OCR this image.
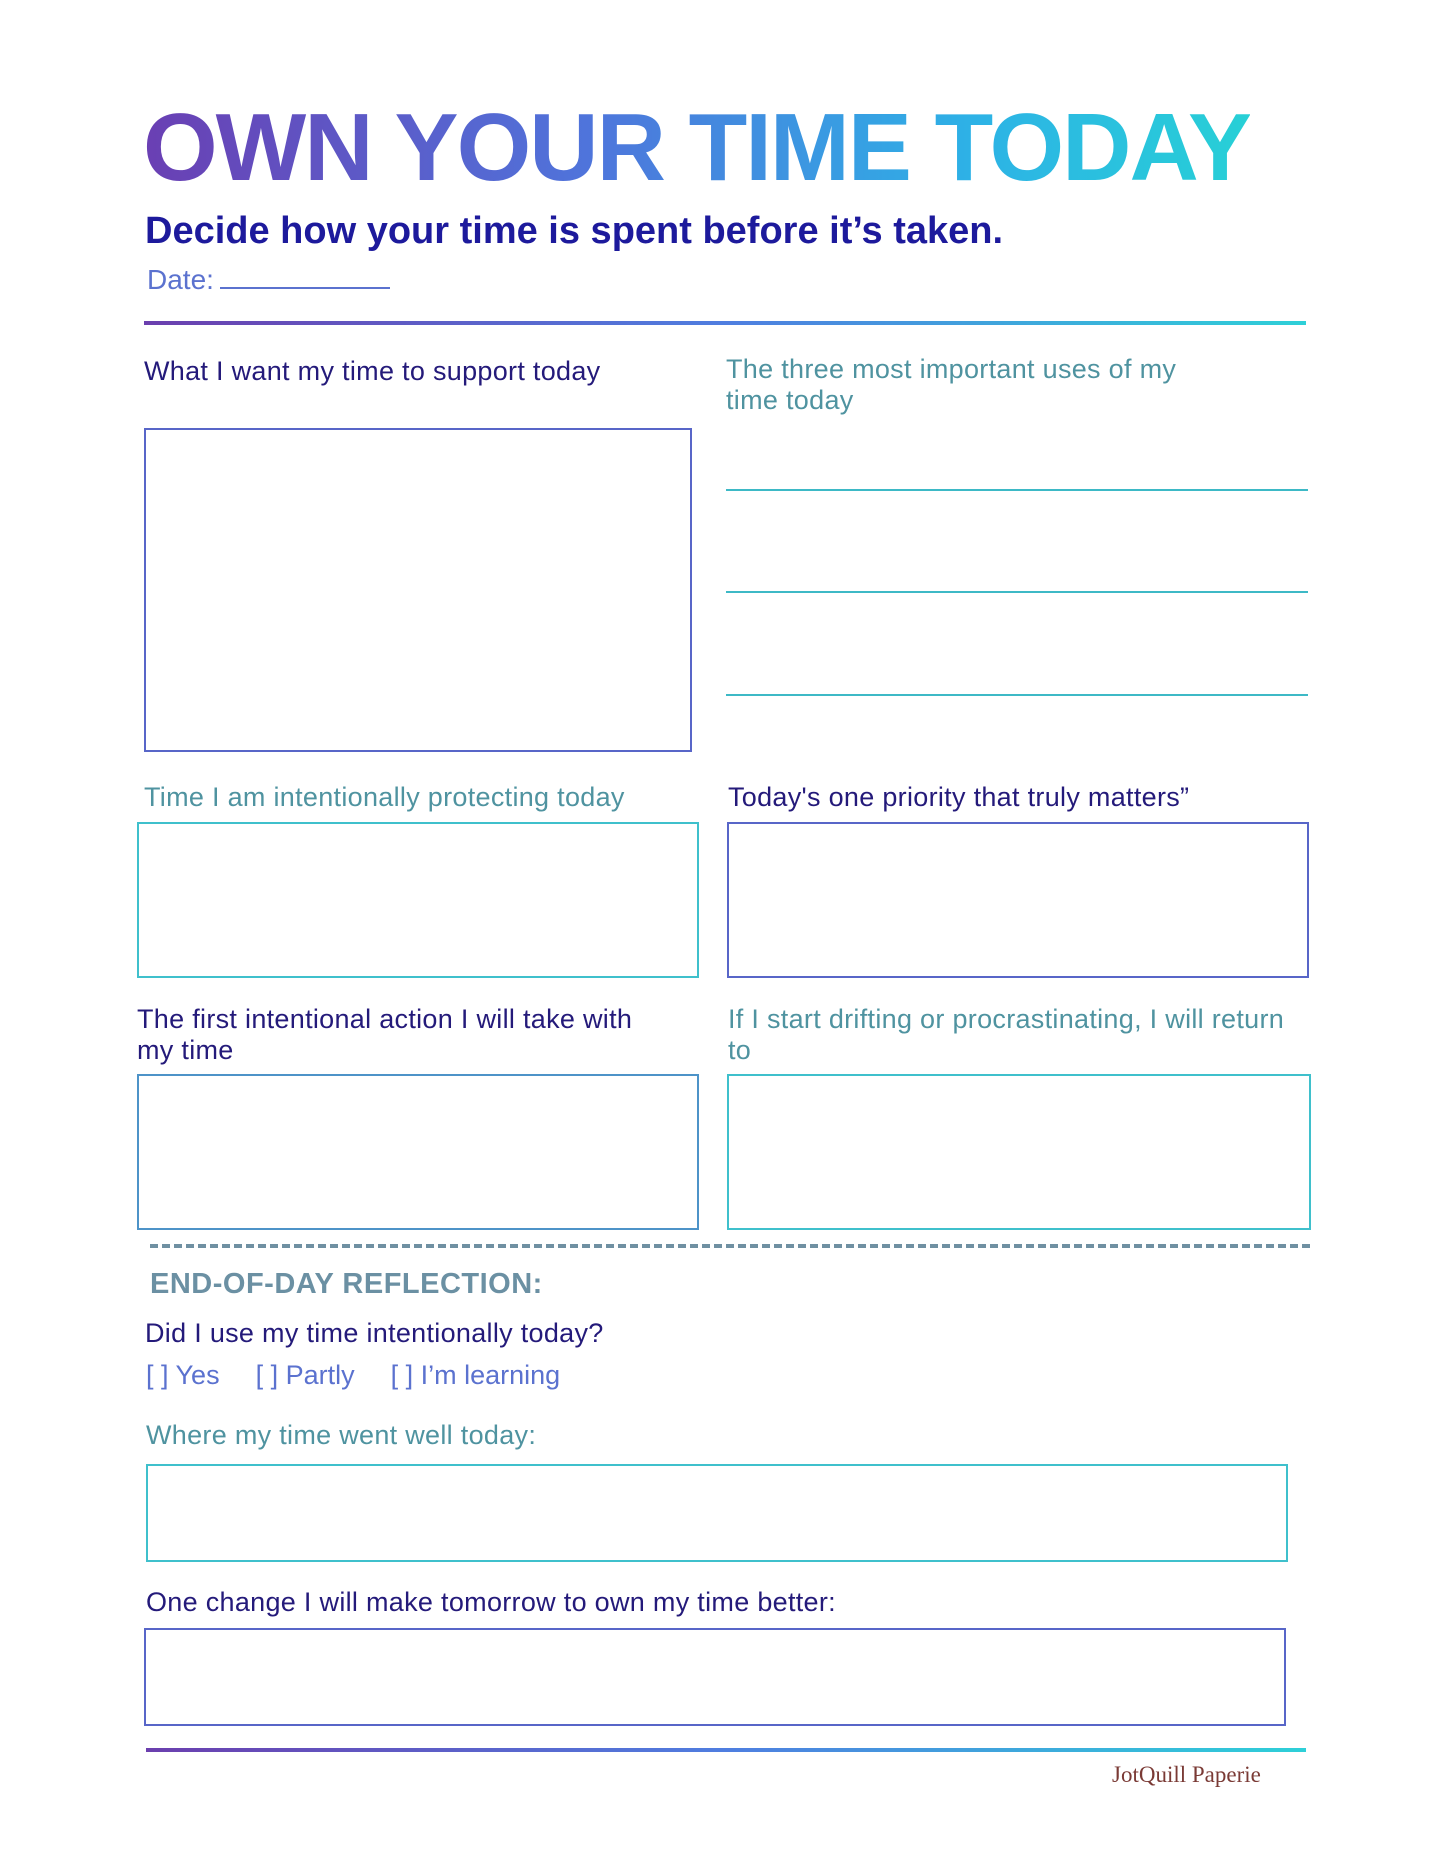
OWN YOUR TIME TODAY
Decide how your time is spent before it’s taken.
Date:
What I want my time to support today	The three most important uses of my time today
Time I am intentionally protecting today	Today's one priority that truly matters”
The first intentional action I will take with my time
If I start drifting or procrastinating, I will return to
END-OF-DAY REFLECTION:
Did I use my time intentionally today?
[ ] Yes [ ] Partly [ ] I’m learning
Where my time went well today:
One change I will make tomorrow to own my time better:
JotQuill Paperie
